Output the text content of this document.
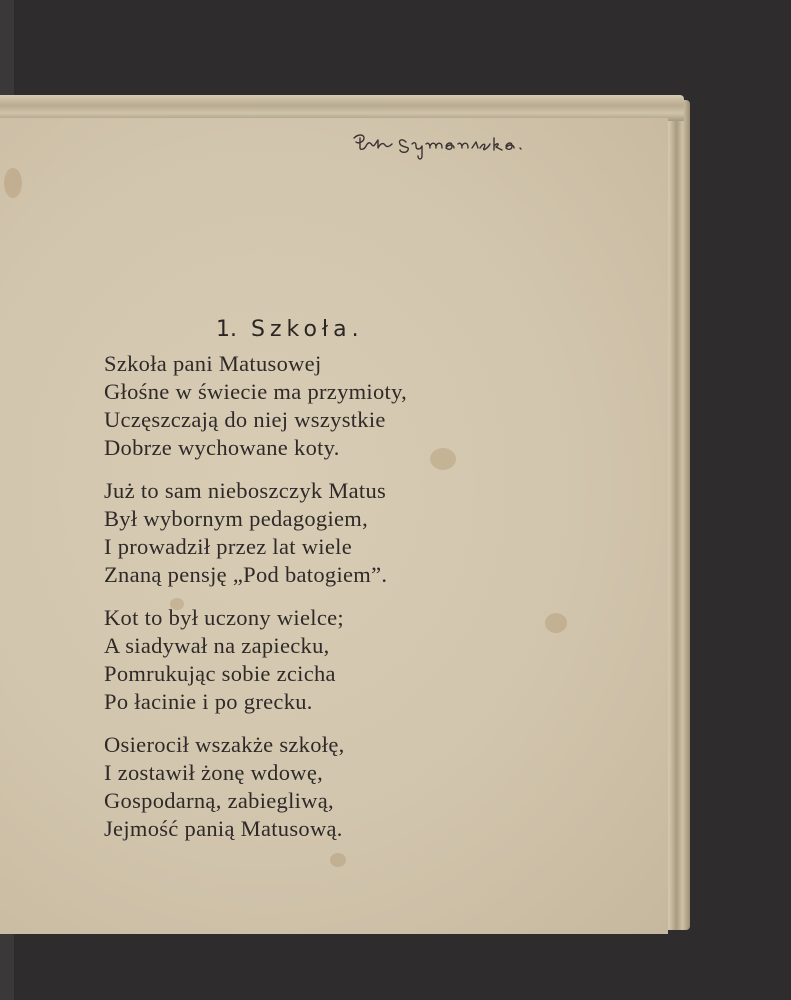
1. Szkoła.
Szkoła pani Matusowej
Głośne w świecie ma przymioty,
Uczęszczają do niej wszystkie
Dobrze wychowane koty.
Już to sam nieboszczyk Matus
Był wybornym pedagogiem,
I prowadził przez lat wiele
Znaną pensję „Pod batogiem”.
Kot to był uczony wielce;
A siadywał na zapiecku,
Pomrukując sobie zcicha
Po łacinie i po grecku.
Osierocił wszakże szkołę,
I zostawił żonę wdowę,
Gospodarną, zabiegliwą,
Jejmość panią Matusową.
